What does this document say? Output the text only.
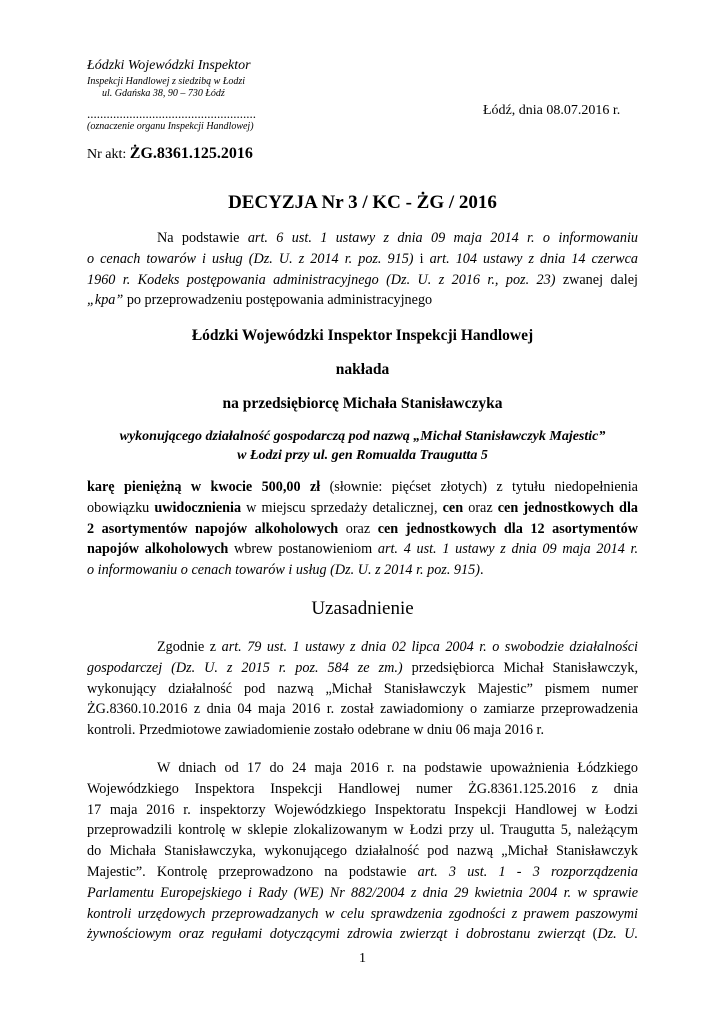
Łódzki Wojewódzki Inspektor
Inspekcji Handlowej z siedzibą w Łodzi
ul. Gdańska 38, 90 – 730 Łódź
....................................................
(oznaczenie organu Inspekcji Handlowej)
Łódź, dnia 08.07.2016 r.
Nr akt: ŻG.8361.125.2016
DECYZJA Nr 3 / KC - ŻG / 2016
Na podstawie art. 6 ust. 1 ustawy z dnia 09 maja 2014 r. o informowaniu
o cenach towarów i usług (Dz. U. z 2014 r. poz. 915) i art. 104 ustawy z dnia 14 czerwca
1960 r. Kodeks postępowania administracyjnego (Dz. U. z 2016 r., poz. 23) zwanej dalej
„kpa” po przeprowadzeniu postępowania administracyjnego
Łódzki Wojewódzki Inspektor Inspekcji Handlowej
nakłada
na przedsiębiorcę Michała Stanisławczyka
wykonującego działalność gospodarczą pod nazwą „Michał Stanisławczyk Majestic”
w Łodzi przy ul. gen Romualda Traugutta 5
karę pieniężną w kwocie 500,00 zł (słownie: pięćset złotych) z tytułu niedopełnienia
obowiązku uwidocznienia w miejscu sprzedaży detalicznej, cen oraz cen jednostkowych dla
2 asortymentów napojów alkoholowych oraz cen jednostkowych dla 12 asortymentów
napojów alkoholowych wbrew postanowieniom art. 4 ust. 1 ustawy z dnia 09 maja 2014 r.
o informowaniu o cenach towarów i usług (Dz. U. z 2014 r. poz. 915).
Uzasadnienie
Zgodnie z art. 79 ust. 1 ustawy z dnia 02 lipca 2004 r. o swobodzie działalności
gospodarczej (Dz. U. z 2015 r. poz. 584 ze zm.) przedsiębiorca Michał Stanisławczyk,
wykonujący działalność pod nazwą „Michał Stanisławczyk Majestic” pismem numer
ŻG.8360.10.2016 z dnia 04 maja 2016 r. został zawiadomiony o zamiarze przeprowadzenia
kontroli. Przedmiotowe zawiadomienie zostało odebrane w dniu 06 maja 2016 r.
W dniach od 17 do 24 maja 2016 r. na podstawie upoważnienia Łódzkiego
Wojewódzkiego Inspektora Inspekcji Handlowej numer ŻG.8361.125.2016 z dnia
17 maja 2016 r. inspektorzy Wojewódzkiego Inspektoratu Inspekcji Handlowej w Łodzi
przeprowadzili kontrolę w sklepie zlokalizowanym w Łodzi przy ul. Traugutta 5, należącym
do Michała Stanisławczyka, wykonującego działalność pod nazwą „Michał Stanisławczyk
Majestic”. Kontrolę przeprowadzono na podstawie art. 3 ust. 1 - 3 rozporządzenia
Parlamentu Europejskiego i Rady (WE) Nr 882/2004 z dnia 29 kwietnia 2004 r. w sprawie
kontroli urzędowych przeprowadzanych w celu sprawdzenia zgodności z prawem paszowymi
żywnościowym oraz regułami dotyczącymi zdrowia zwierząt i dobrostanu zwierząt (Dz. U.
1
